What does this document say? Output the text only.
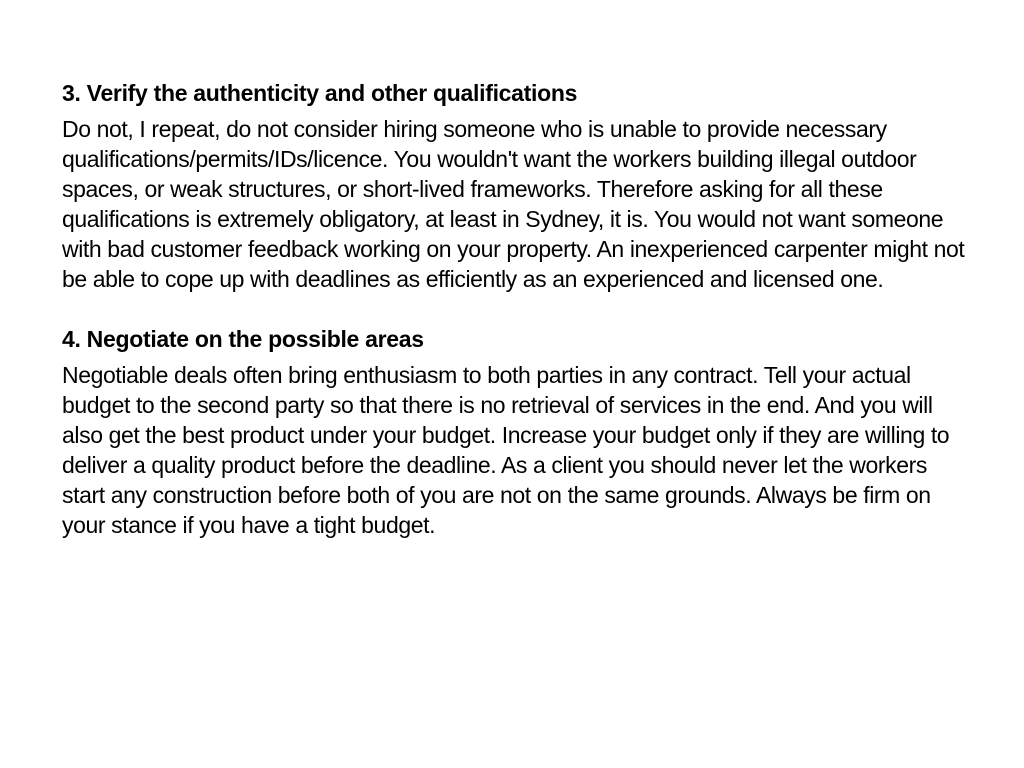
3. Verify the authenticity and other qualifications

Do not, I repeat, do not consider hiring someone who is unable to provide necessary qualifications/permits/IDs/licence. You wouldn't want the workers building illegal outdoor spaces, or weak structures, or short-lived frameworks. Therefore asking for all these qualifications is extremely obligatory, at least in Sydney, it is. You would not want someone with bad customer feedback working on your property. An inexperienced carpenter might not be able to cope up with deadlines as efficiently as an experienced and licensed one.

4. Negotiate on the possible areas

Negotiable deals often bring enthusiasm to both parties in any contract. Tell your actual budget to the second party so that there is no retrieval of services in the end. And you will also get the best product under your budget. Increase your budget only if they are willing to deliver a quality product before the deadline. As a client you should never let the workers start any construction before both of you are not on the same grounds. Always be firm on your stance if you have a tight budget.
